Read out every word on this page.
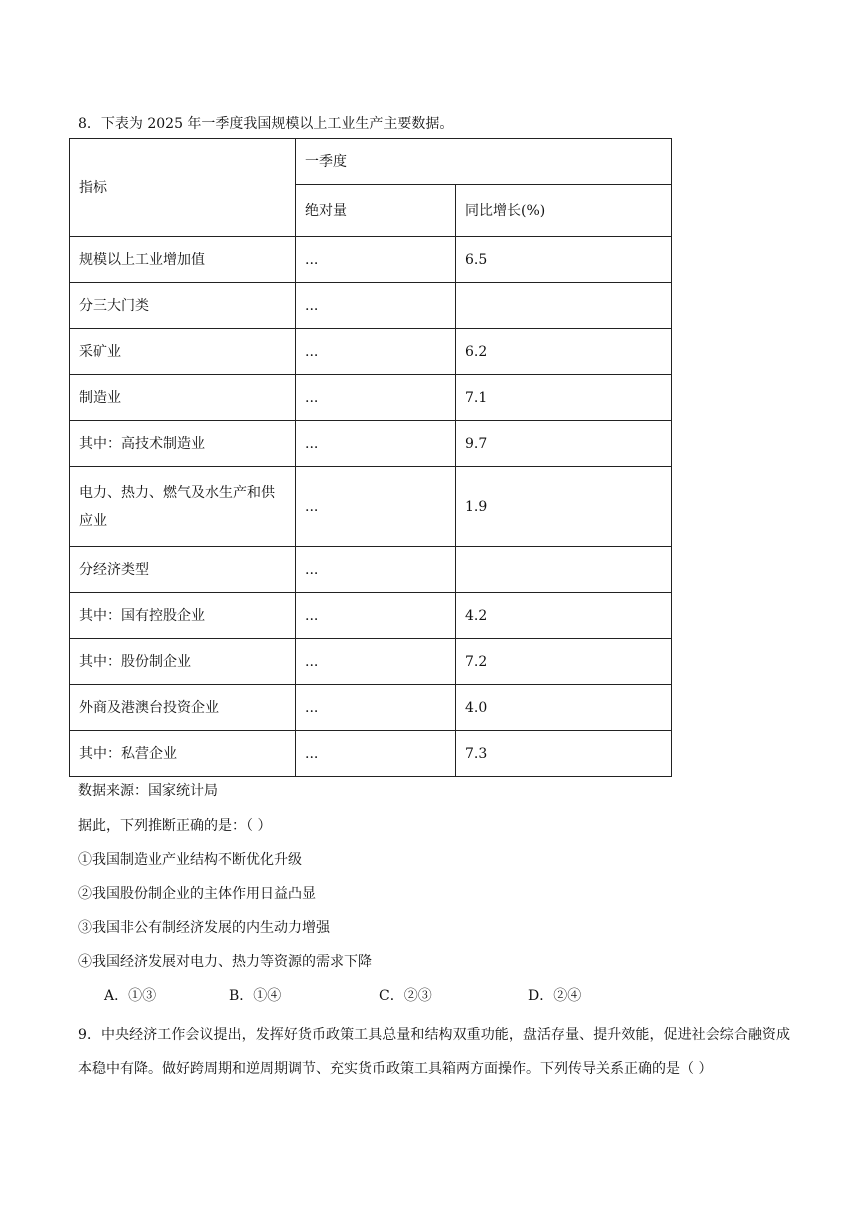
8．下表为 2025 年一季度我国规模以上工业生产主要数据。
指标	一季度	
	绝对量	同比增长(%)
规模以上工业增加值	...	6.5
分三大门类	...	
采矿业	...	6.2
制造业	...	7.1
其中：高技术制造业	...	9.7
电力、热力、燃气及水生产和供应业	...	1.9
分经济类型	...	
其中：国有控股企业	...	4.2
其中：股份制企业	...	7.2
外商及港澳台投资企业	...	4.0
其中：私营企业	...	7.3
数据来源：国家统计局
据此，下列推断正确的是：（ ）
①我国制造业产业结构不断优化升级
②我国股份制企业的主体作用日益凸显
③我国非公有制经济发展的内生动力增强
④我国经济发展对电力、热力等资源的需求下降
A．①③	B．①④	C．②③	D．②④
9．中央经济工作会议提出，发挥好货币政策工具总量和结构双重功能，盘活存量、提升效能，促进社会综合融资成本稳中有降。做好跨周期和逆周期调节、充实货币政策工具箱两方面操作。下列传导关系正确的是（ ）
